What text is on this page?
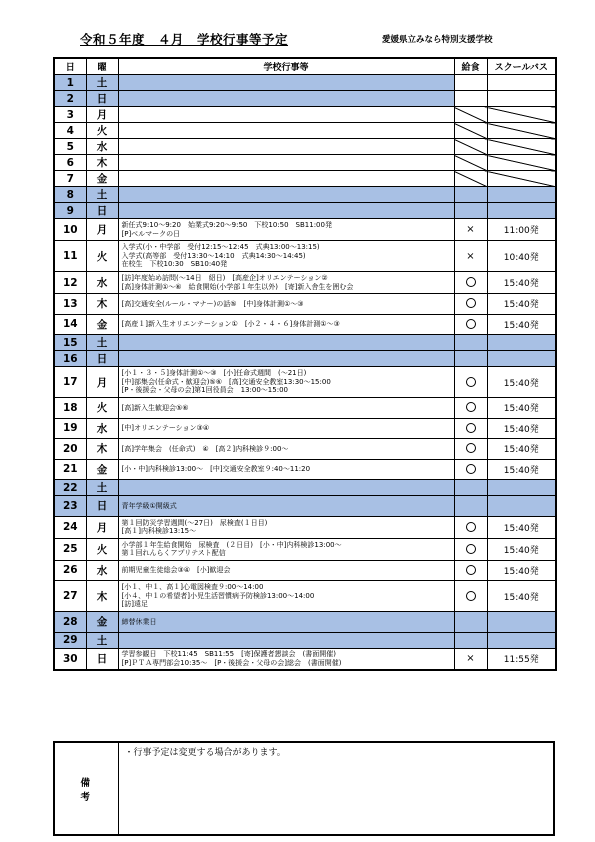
令和５年度　４月　学校行事等予定	愛媛県立みなら特別支援学校
日	曜	学校行事等	給食	スクールバス
1	土			
2	日			
3	月			
4	火			
5	水			
6	木			
7	金			
8	土			
9	日			
10	月	新任式9:10～9:20　始業式9:20～9:50　下校10:50　SB11:00発
[P]ベルマークの日	×	11:00発
11	火	入学式(小・中学部　受付12:15～12:45　式典13:00～13:15)
入学式(高等部　受付13:30～14:10　式典14:30～14:45)
在校生　下校10:30　SB10:40発	×	10:40発
12	水	[訪]年度始め訪問(～14日　紹日)　[高産企]オリエンテーション②
[高]身体計測①～⑥　給食開始(小学部１年生以外)　[寄]新入舎生を囲む会		15:40発
13	木	[高]交通安全(ルール・マナー)の話⑤　[中]身体計測①～③		15:40発
14	金	[高産１]新入生オリエンテーション①　[小２・４・６]身体計測①～③		15:40発
15	土			
16	日			
17	月	[小１・３・５]身体計測①～③　[小]任命式週間　(～21日)
[中]部集会(任命式・歓迎会)⑤⑥　[高]交通安全教室13:30～15:00
[P・後援会・父母の会]第1回役員会　13:00～15:00		15:40発
18	火	[高]新入生歓迎会⑤⑥		15:40発
19	水	[中]オリエンテーション③④		15:40発
20	木	[高]学年集会　(任命式)　④　[高２]内科検診９:00～		15:40発
21	金	[小・中]内科検診13:00～　[中]交通安全教室９:40～11:20		15:40発
22	土			
23	日	青年学級①開級式		

24	月	第１回防災学習週間(～27日)　尿検査(１日目)
[高１]内科検診13:15～		15:40発
25	火	小学部１年生給食開始　尿検査　(２日目)　[小・中]内科検診13:00～
第１回れんらくアプリテスト配信		15:40発
26	水	前期児童生徒総会③④　[小]歓迎会		15:40発
27	木	[小１、中１、高１]心電図検査９:00～14:00
[小４、中１の希望者]小児生活習慣病予防検診13:00～14:00
[訪]遠足		15:40発
28	金	締替休業日		

29	土			
30	日	学習参観日　下校11:45　SB11:55　[寄]保護者懇談会　(書面開催)
[P]ＰＴＡ専門部会10:35～　[P・後援会・父母の会]総会　(書面開催)	×	11:55発
備　考	・行事予定は変更する場合があります。
